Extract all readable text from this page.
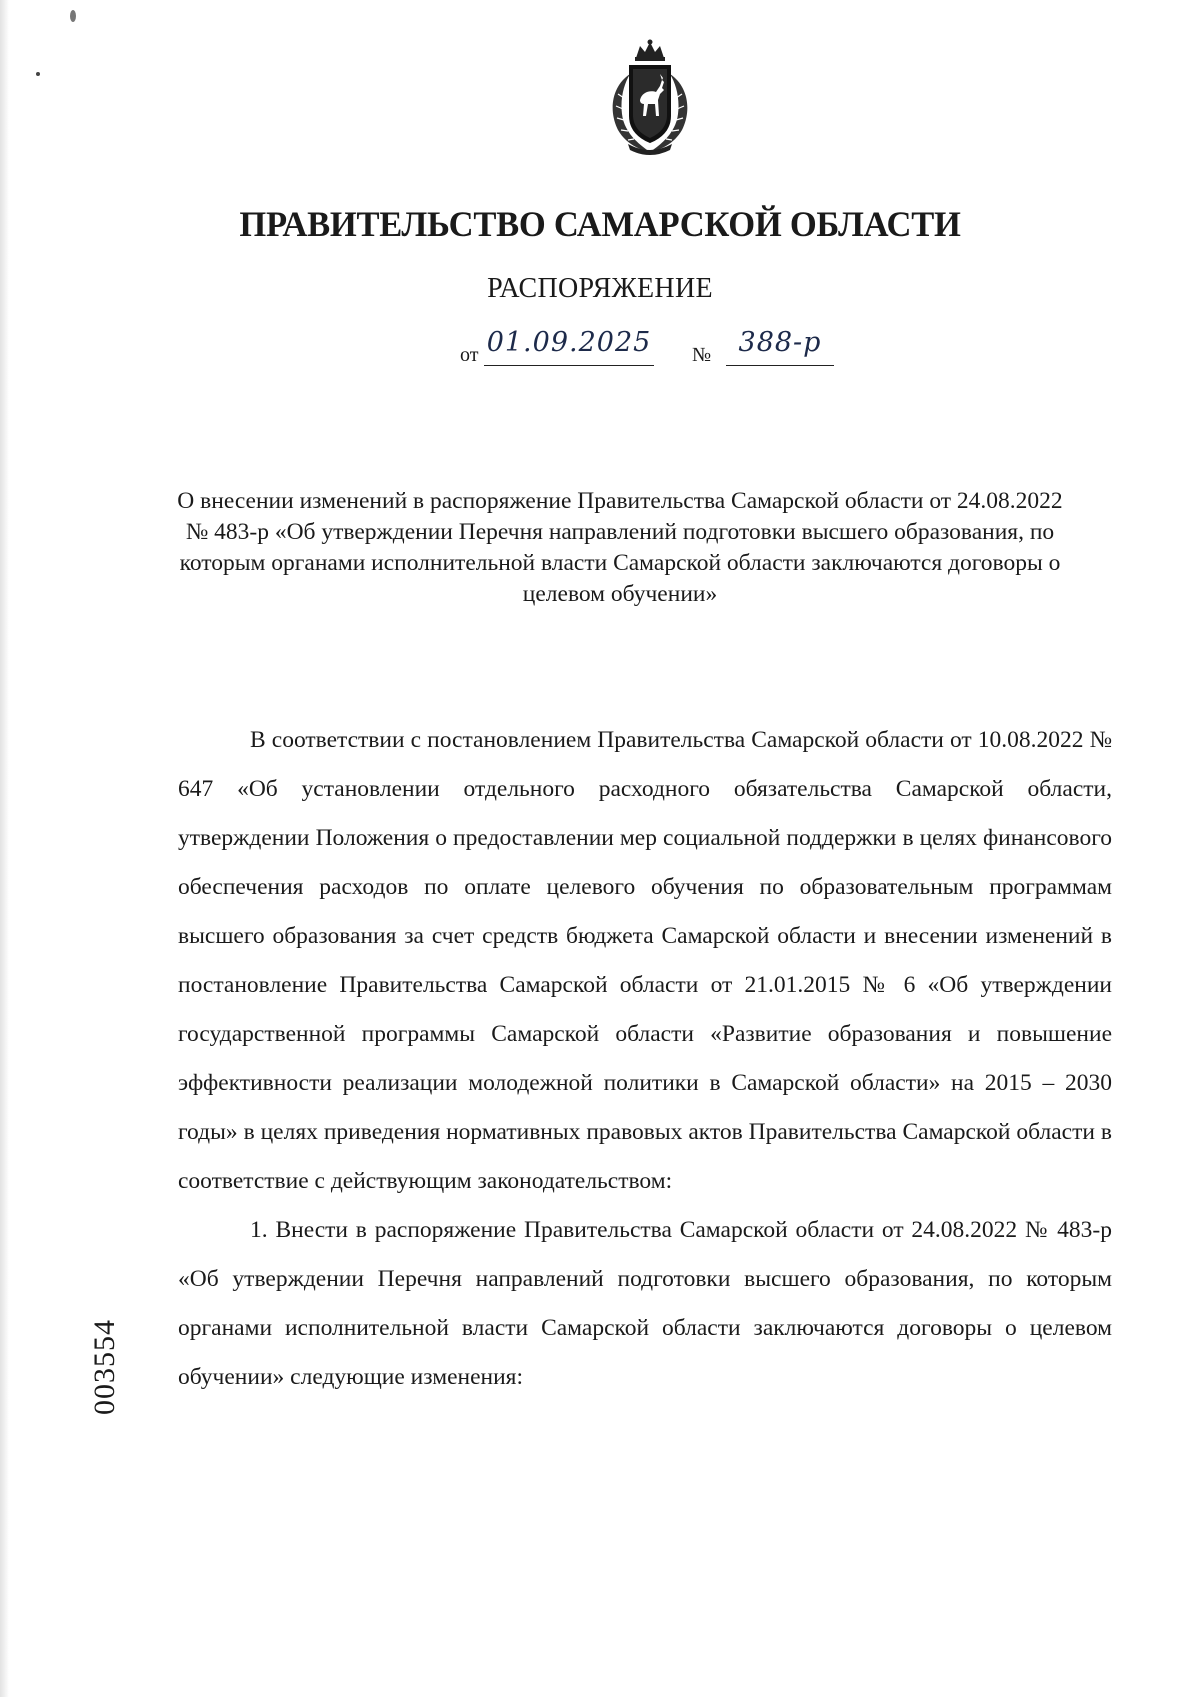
ПРАВИТЕЛЬСТВО САМАРСКОЙ ОБЛАСТИ
РАСПОРЯЖЕНИЕ
от 01.09.2025 №	388-р
О внесении изменений в распоряжение Правительства Самарской области от 24.08.2022 № 483-р «Об утверждении Перечня направлений подготовки высшего образования, по которым органами исполнительной власти Самарской области заключаются договоры о целевом обучении»

В соответствии с постановлением Правительства Самарской области от 10.08.2022 № 647 «Об установлении отдельного расходного обязательства Самарской области, утверждении Положения о предоставлении мер социальной поддержки в целях финансового обеспечения расходов по оплате целевого обучения по образовательным программам высшего образования за счет средств бюджета Самарской области и внесении изменений в постановление Правительства Самарской области от 21.01.2015 № 6 «Об утверждении государственной программы Самарской области «Развитие образования и повышение эффективности реализации молодежной политики в Самарской области» на 2015 – 2030 годы» в целях приведения нормативных правовых актов Правительства Самарской области в соответствие с действующим законодательством:

1. Внести в распоряжение Правительства Самарской области от 24.08.2022 № 483-р «Об утверждении Перечня направлений подготовки высшего образования, по которым органами исполнительной власти Самарской области заключаются договоры о целевом обучении» следующие изменения:

003554
